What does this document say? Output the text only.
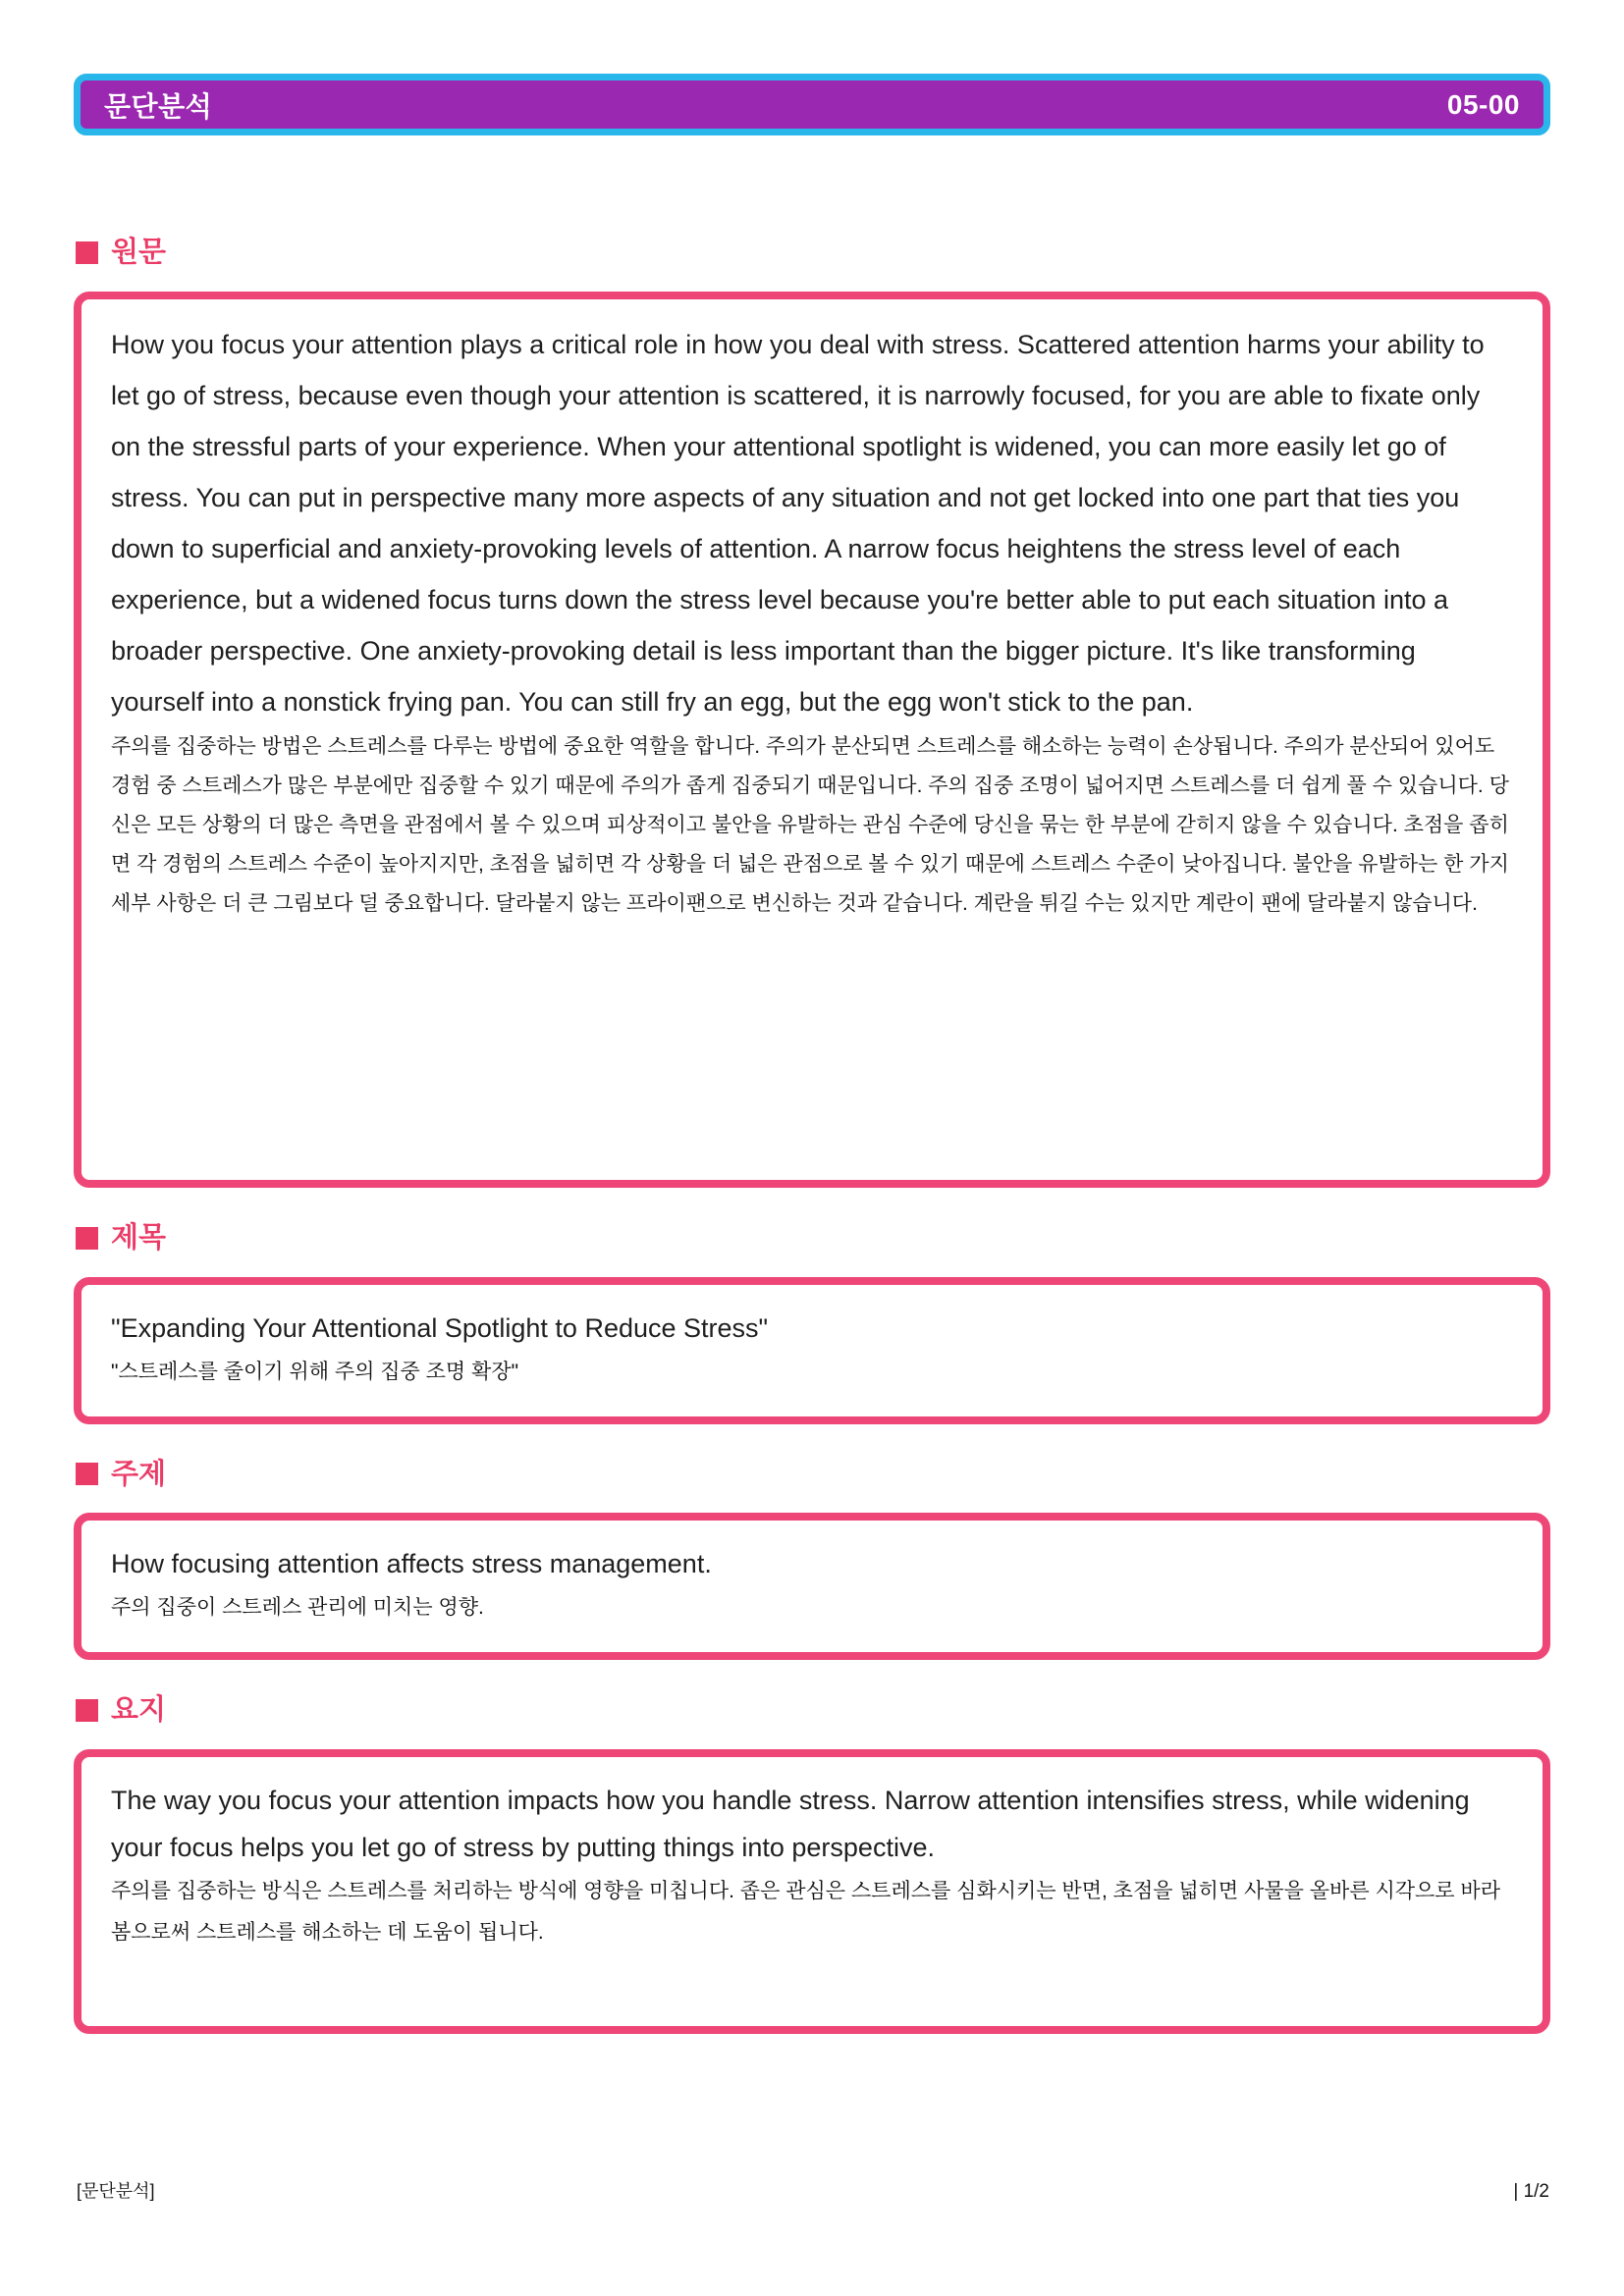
문단분석	05-00
원문

How you focus your attention plays a critical role in how you deal with stress. Scattered attention harms your ability to let go of stress, because even though your attention is scattered, it is narrowly focused, for you are able to fixate only on the stressful parts of your experience. When your attentional spotlight is widened, you can more easily let go of stress. You can put in perspective many more aspects of any situation and not get locked into one part that ties you down to superficial and anxiety-provoking levels of attention. A narrow focus heightens the stress level of each experience, but a widened focus turns down the stress level because you're better able to put each situation into a broader perspective. One anxiety-provoking detail is less important than the bigger picture. It's like transforming yourself into a nonstick frying pan. You can still fry an egg, but the egg won't stick to the pan.

주의를 집중하는 방법은 스트레스를 다루는 방법에 중요한 역할을 합니다. 주의가 분산되면 스트레스를 해소하는 능력이 손상됩니다. 주의가 분산되어 있어도 경험 중 스트레스가 많은 부분에만 집중할 수 있기 때문에 주의가 좁게 집중되기 때문입니다. 주의 집중 조명이 넓어지면 스트레스를 더 쉽게 풀 수 있습니다. 당신은 모든 상황의 더 많은 측면을 관점에서 볼 수 있으며 피상적이고 불안을 유발하는 관심 수준에 당신을 묶는 한 부분에 갇히지 않을 수 있습니다. 초점을 좁히면 각 경험의 스트레스 수준이 높아지지만, 초점을 넓히면 각 상황을 더 넓은 관점으로 볼 수 있기 때문에 스트레스 수준이 낮아집니다. 불안을 유발하는 한 가지 세부 사항은 더 큰 그림보다 덜 중요합니다. 달라붙지 않는 프라이팬으로 변신하는 것과 같습니다. 계란을 튀길 수는 있지만 계란이 팬에 달라붙지 않습니다.

제목

"Expanding Your Attentional Spotlight to Reduce Stress"

"스트레스를 줄이기 위해 주의 집중 조명 확장"

주제

How focusing attention affects stress management.

주의 집중이 스트레스 관리에 미치는 영향.

요지

The way you focus your attention impacts how you handle stress. Narrow attention intensifies stress, while widening your focus helps you let go of stress by putting things into perspective.

주의를 집중하는 방식은 스트레스를 처리하는 방식에 영향을 미칩니다. 좁은 관심은 스트레스를 심화시키는 반면, 초점을 넓히면 사물을 올바른 시각으로 바라봄으로써 스트레스를 해소하는 데 도움이 됩니다.

[문단분석]	| 1/2
